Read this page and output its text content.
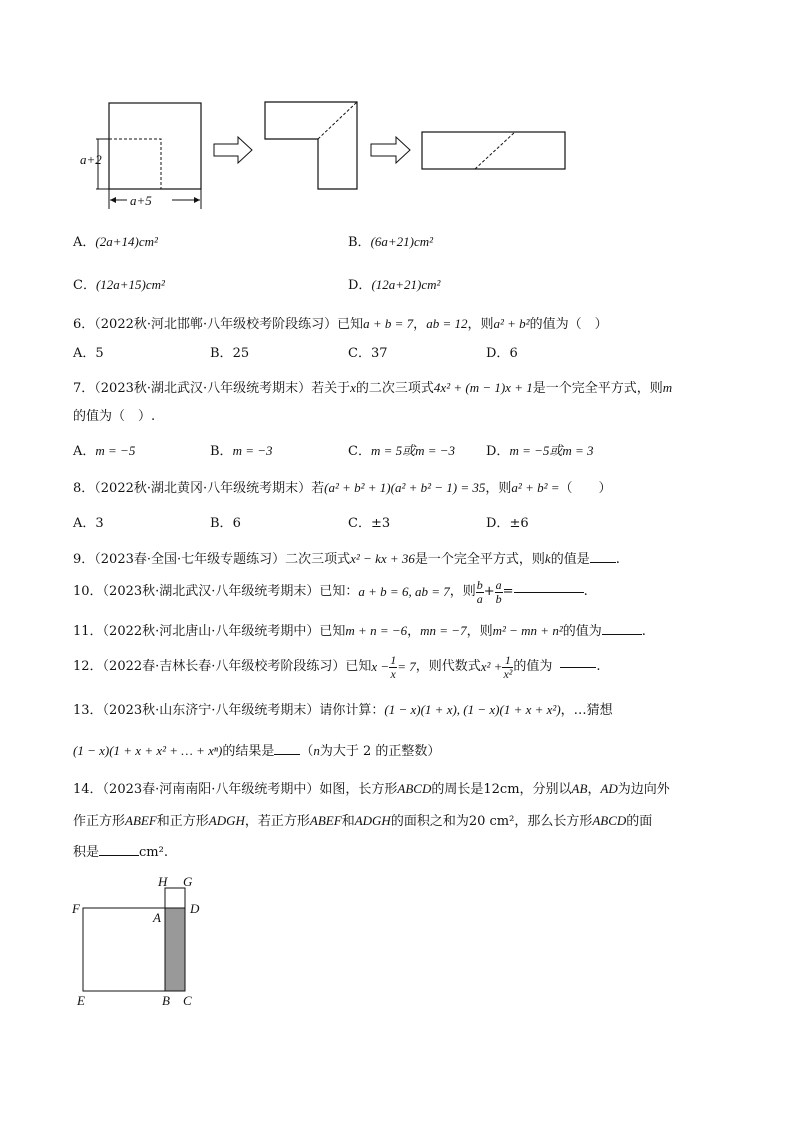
a+2
a+5
A．(2a+14)cm²	B．(6a+21)cm²
C．(12a+15)cm²	D．(12a+21)cm²
6．（2022秋·河北邯郸·八年级校考阶段练习）已知a + b = 7，ab = 12，则a² + b²的值为（　）
A．5	B．25	C．37	D．6
7．（2023秋·湖北武汉·八年级统考期末）若关于x的二次三项式4x² + (m − 1)x + 1是一个完全平方式，则m
的值为（　）.
A．m = −5	B．m = −3	C．m = 5或m = −3 D．m = −5或m = 3
8．（2022秋·湖北黄冈·八年级统考期末）若(a² + b² + 1)(a² + b² − 1) = 35，则a² + b² =（　　）
A．3	B．6	C．±3	D．±6
9．（2023春·全国·七年级专题练习）二次三项式x² − kx + 36是一个完全平方式，则k的值是 .
10．（2023秋·湖北武汉·八年级统考期末）已知：a + b = 6, ab = 7，则 $\frac{b}{a} + \frac{a}{b}$ =	.
11．（2022秋·河北唐山·八年级统考期中）已知m + n = −6，mn = −7，则m² − mn + n²的值为	.
12．（2022春·吉林长春·八年级校考阶段练习）已知$x - \frac{1}{x} = 7$，则代数式$x^2 + \frac{1}{\text{x²}}$ 的值为	.
13．（2023秋·山东济宁·八年级统考期末）请你计算：(1 − x)(1 + x), (1 − x)(1 + x + x²)，…猜想
(1 − x)(1 + x + x² + … + xⁿ)的结果是 （n为大于 2 的正整数）
14．（2023春·河南南阳·八年级统考期中）如图，长方形ABCD的周长是12cm，分别以AB，AD为边向外
作正方形ABEF和正方形ADGH，若正方形ABEF和ADGH的面积之和为20 cm²，那么长方形ABCD的面
积是	cm².
H G
F
A
D
E	B C
